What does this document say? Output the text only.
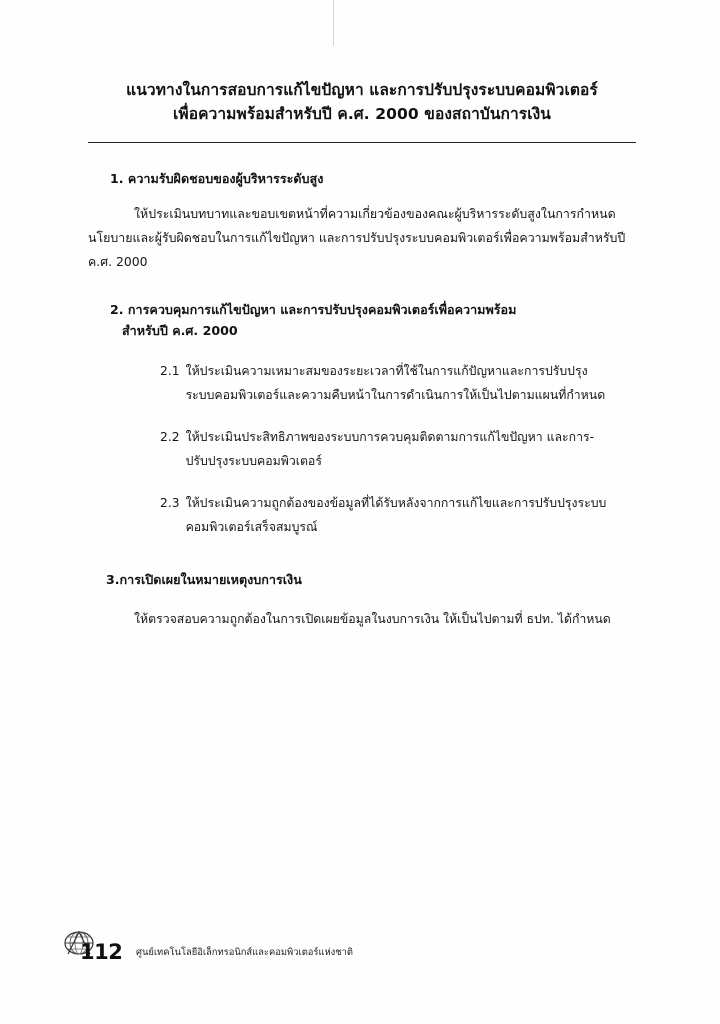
แนวทางในการสอบการแก้ไขปัญหา และการปรับปรุงระบบคอมพิวเตอร์
เพื่อความพร้อมสำหรับปี ค.ศ. 2000 ของสถาบันการเงิน
1. ความรับผิดชอบของผู้บริหารระดับสูง
ให้ประเมินบทบาทและขอบเขตหน้าที่ความเกี่ยวข้องของคณะผู้บริหารระดับสูงในการกำหนดนโยบายและผู้รับผิดชอบในการแก้ไขปัญหา และการปรับปรุงระบบคอมพิวเตอร์เพื่อความพร้อมสำหรับปี ค.ศ. 2000
2. การควบคุมการแก้ไขปัญหา และการปรับปรุงคอมพิวเตอร์เพื่อความพร้อม
สำหรับปี ค.ศ. 2000
2.1 ให้ประเมินความเหมาะสมของระยะเวลาที่ใช้ในการแก้ปัญหาและการปรับปรุง
ระบบคอมพิวเตอร์และความคืบหน้าในการดำเนินการให้เป็นไปตามแผนที่กำหนด
2.2 ให้ประเมินประสิทธิภาพของระบบการควบคุมติดตามการแก้ไขปัญหา และการ-
ปรับปรุงระบบคอมพิวเตอร์
2.3 ให้ประเมินความถูกต้องของข้อมูลที่ได้รับหลังจากการแก้ไขและการปรับปรุงระบบ
คอมพิวเตอร์เสร็จสมบูรณ์
3.การเปิดเผยในหมายเหตุงบการเงิน
ให้ตรวจสอบความถูกต้องในการเปิดเผยข้อมูลในงบการเงิน ให้เป็นไปตามที่ ธปท. ได้กำหนด
112 ศูนย์เทคโนโลยีอิเล็กทรอนิกส์และคอมพิวเตอร์แห่งชาติ
